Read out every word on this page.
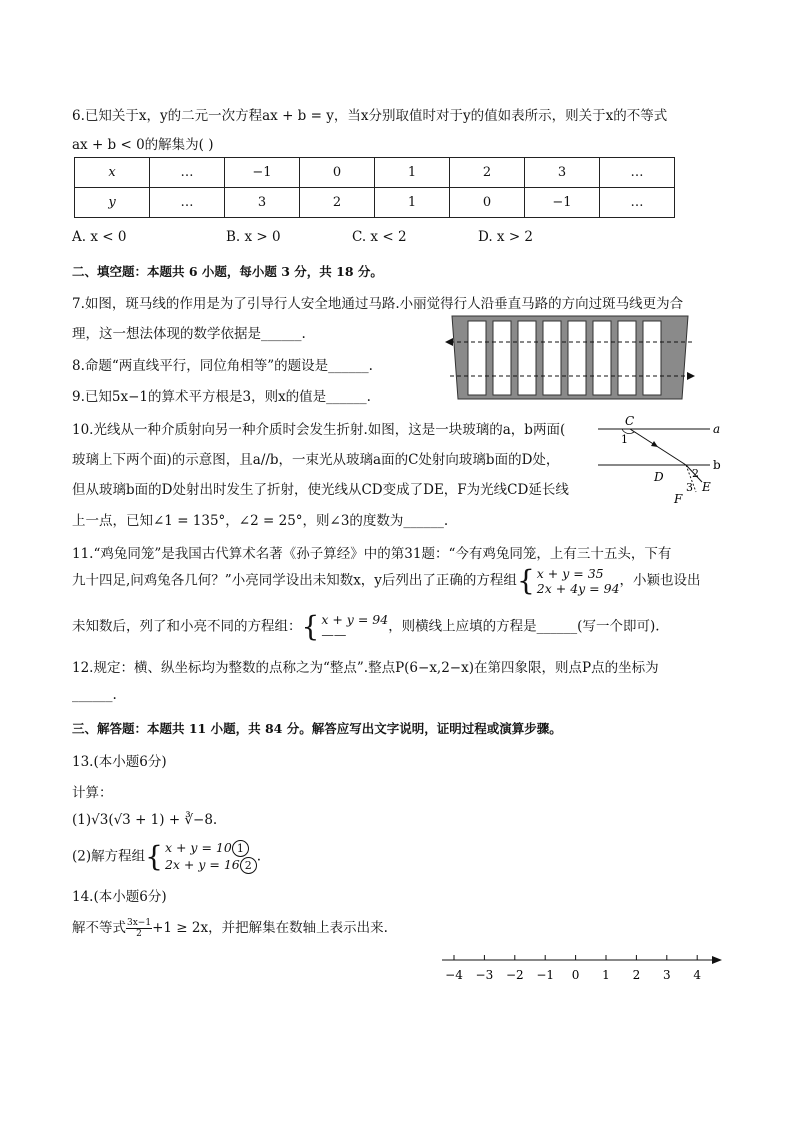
6.已知关于x，y的二元一次方程ax + b = y，当x分别取值时对于y的值如表所示，则关于x的不等式
ax + b < 0的解集为( )
x	…	−1	0	1	2	3	…
y	…	3	2	1	0	−1	…
A. x < 0	B. x > 0	C. x < 2	D. x > 2
二、填空题：本题共 6 小题，每小题 3 分，共 18 分。
7.如图，斑马线的作用是为了引导行人安全地通过马路.小丽觉得行人沿垂直马路的方向过斑马线更为合
理，这一想法体现的数学依据是______.
8.命题“两直线平行，同位角相等”的题设是______.
9.已知5x−1的算术平方根是3，则x的值是______.
10.光线从一种介质射向另一种介质时会发生折射.如图，这是一块玻璃的a，b两面(
玻璃上下两个面)的示意图，且a//b，一束光从玻璃a面的C处射向玻璃b面的D处，
但从玻璃b面的D处射出时发生了折射，使光线从CD变成了DE，F为光线CD延长线
上一点，已知∠1 = 135°，∠2 = 25°，则∠3的度数为______.
C
a
b
1
D	2
3 E
F
11.“鸡兔同笼”是我国古代算术名著《孙子算经》中的第31题：“今有鸡兔同笼，上有三十五头，下有
九十四足,问鸡兔各几何？”小亮同学设出未知数x，y后列出了正确的方程组{ x + y = 35
2x + 4y = 94，小颖也设出
未知数后，列了和小亮不同的方程组：{ x + y = 94
——	，则横线上应填的方程是______(写一个即可).
12.规定：横、纵坐标均为整数的点称之为“整点”.整点P(6−x,2−x)在第四象限，则点P点的坐标为
______.
三、解答题：本题共 11 小题，共 84 分。解答应写出文字说明，证明过程或演算步骤。
13.(本小题6分)
计算：
(1)√3(√3 + 1) + ∛−8.
(2)解方程组{ x + y = 10 1
2x + y = 16 2.
14.(本小题6分)
解不等式 $\frac{3x-1}{2} +1 \ge 2x$，并把解集在数轴上表示出来.
−4 −3 −2 −1 0 1 2 3 4
